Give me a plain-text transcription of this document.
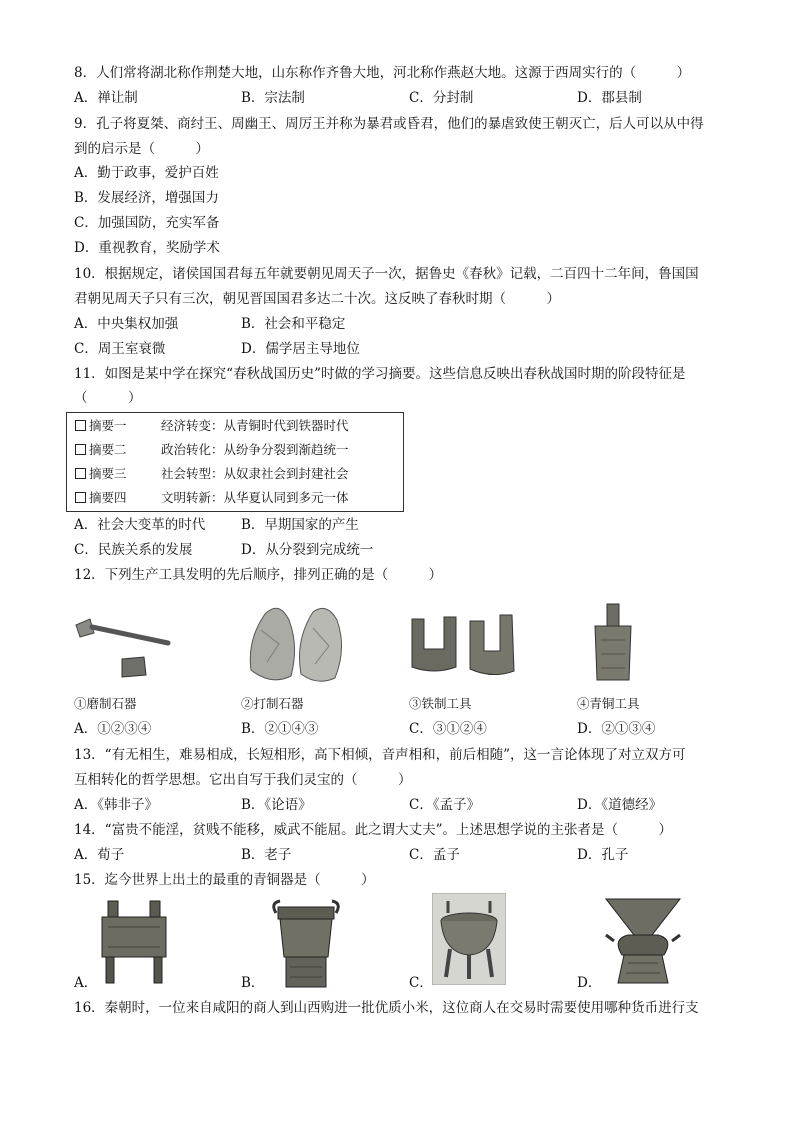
8．人们常将湖北称作荆楚大地，山东称作齐鲁大地，河北称作燕赵大地。这源于西周实行的（　　　）
A．禅让制	B．宗法制	C．分封制	D．郡县制
9．孔子将夏桀、商纣王、周幽王、周厉王并称为暴君或昏君，他们的暴虐致使王朝灭亡，后人可以从中得
到的启示是（　　　）
A．勤于政事，爱护百姓
B．发展经济，增强国力
C．加强国防，充实军备
D．重视教育，奖励学术
10．根据规定，诸侯国国君每五年就要朝见周天子一次，据鲁史《春秋》记载，二百四十二年间，鲁国国
君朝见周天子只有三次，朝见晋国国君多达二十次。这反映了春秋时期（　　　）
A．中央集权加强	B．社会和平稳定
C．周王室衰微	D．儒学居主导地位
11．如图是某中学在探究“春秋战国历史”时做的学习摘要。这些信息反映出春秋战国时期的阶段特征是
（　　　）
摘要一	经济转变：从青铜时代到铁器时代
摘要二	政治转化：从纷争分裂到渐趋统一
摘要三	社会转型：从奴隶社会到封建社会
摘要四	文明转新：从华夏认同到多元一体
A．社会大变革的时代	B．早期国家的产生
C．民族关系的发展	D．从分裂到完成统一
12．下列生产工具发明的先后顺序，排列正确的是（　　　）
①磨制石器	②打制石器	③铁制工具	④青铜工具
A．①②③④	B．②①④③	C．③①②④	D．②①③④
13．“有无相生，难易相成，长短相形，高下相倾，音声相和，前后相随”，这一言论体现了对立双方可
互相转化的哲学思想。它出自写于我们灵宝的（　　　）
A．《韩非子》	B．《论语》	C．《孟子》	D．《道德经》
14．“富贵不能淫，贫贱不能移，威武不能屈。此之谓大丈夫”。上述思想学说的主张者是（　　　）
A．荀子	B．老子	C．孟子	D．孔子
15．迄今世界上出土的最重的青铜器是（　　　）
A．	B．	C．	D．
16．秦朝时，一位来自咸阳的商人到山西购进一批优质小米，这位商人在交易时需要使用哪种货币进行支
